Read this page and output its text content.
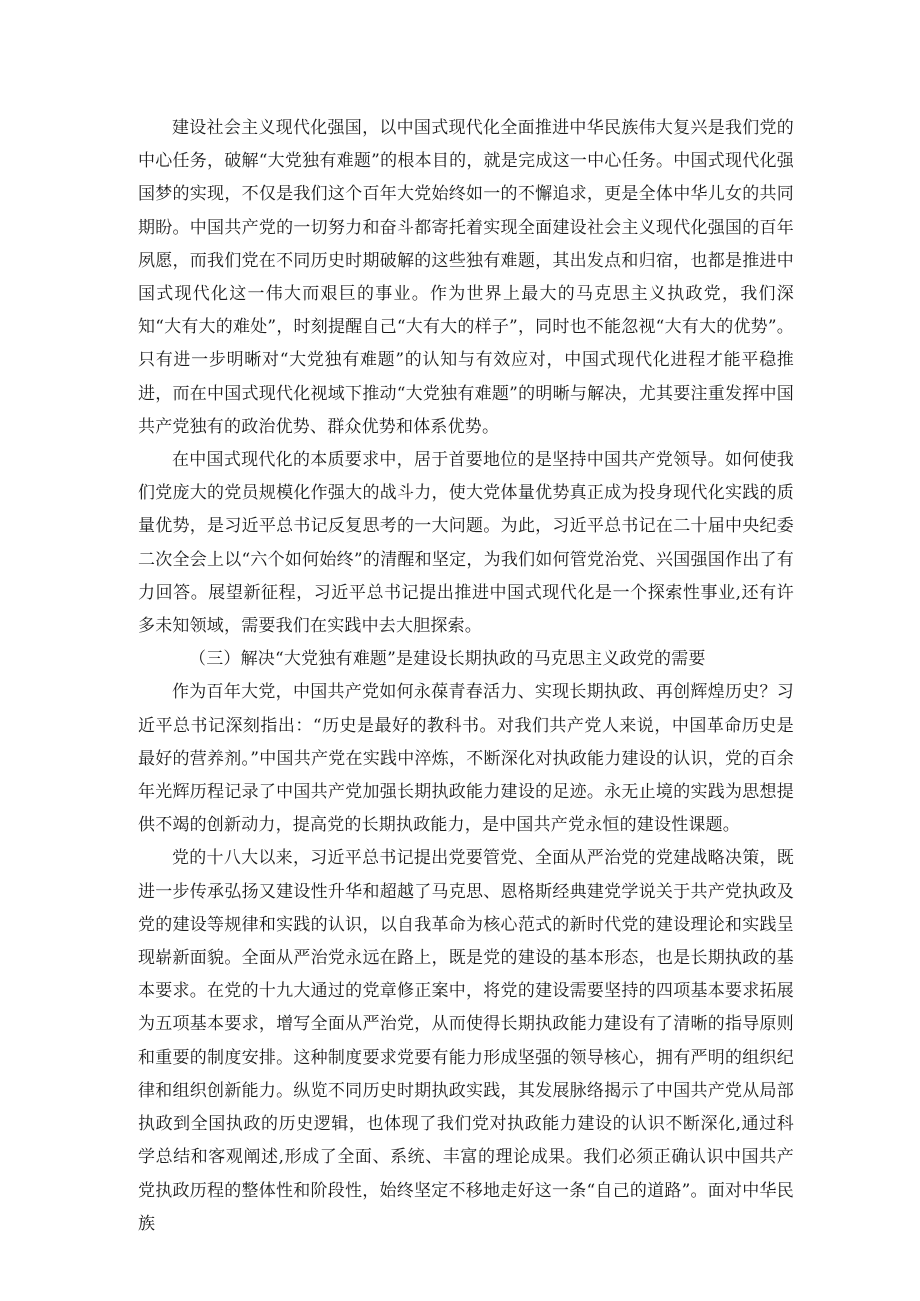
建设社会主义现代化强国，以中国式现代化全面推进中华民族伟大复兴是我们党的中心任务，破解“大党独有难题”的根本目的，就是完成这一中心任务。中国式现代化强国梦的实现，不仅是我们这个百年大党始终如一的不懈追求，更是全体中华儿女的共同期盼。中国共产党的一切努力和奋斗都寄托着实现全面建设社会主义现代化强国的百年夙愿，而我们党在不同历史时期破解的这些独有难题，其出发点和归宿，也都是推进中国式现代化这一伟大而艰巨的事业。作为世界上最大的马克思主义执政党，我们深知“大有大的难处”，时刻提醒自己“大有大的样子”，同时也不能忽视“大有大的优势”。只有进一步明晰对“大党独有难题”的认知与有效应对，中国式现代化进程才能平稳推进，而在中国式现代化视域下推动“大党独有难题”的明晰与解决，尤其要注重发挥中国共产党独有的政治优势、群众优势和体系优势。

在中国式现代化的本质要求中，居于首要地位的是坚持中国共产党领导。如何使我们党庞大的党员规模化作强大的战斗力，使大党体量优势真正成为投身现代化实践的质量优势，是习近平总书记反复思考的一大问题。为此，习近平总书记在二十届中央纪委二次全会上以“六个如何始终”的清醒和坚定，为我们如何管党治党、兴国强国作出了有力回答。展望新征程，习近平总书记提出推进中国式现代化是一个探索性事业,还有许多未知领域，需要我们在实践中去大胆探索。

（三）解决“大党独有难题”是建设长期执政的马克思主义政党的需要

作为百年大党，中国共产党如何永葆青春活力、实现长期执政、再创辉煌历史？习近平总书记深刻指出：“历史是最好的教科书。对我们共产党人来说，中国革命历史是最好的营养剂。”中国共产党在实践中淬炼，不断深化对执政能力建设的认识，党的百余年光辉历程记录了中国共产党加强长期执政能力建设的足迹。永无止境的实践为思想提供不竭的创新动力，提高党的长期执政能力，是中国共产党永恒的建设性课题。

党的十八大以来，习近平总书记提出党要管党、全面从严治党的党建战略决策，既进一步传承弘扬又建设性升华和超越了马克思、恩格斯经典建党学说关于共产党执政及党的建设等规律和实践的认识，以自我革命为核心范式的新时代党的建设理论和实践呈现崭新面貌。全面从严治党永远在路上，既是党的建设的基本形态，也是长期执政的基本要求。在党的十九大通过的党章修正案中，将党的建设需要坚持的四项基本要求拓展为五项基本要求，增写全面从严治党，从而使得长期执政能力建设有了清晰的指导原则和重要的制度安排。这种制度要求党要有能力形成坚强的领导核心，拥有严明的组织纪律和组织创新能力。纵览不同历史时期执政实践，其发展脉络揭示了中国共产党从局部执政到全国执政的历史逻辑，也体现了我们党对执政能力建设的认识不断深化,通过科学总结和客观阐述,形成了全面、系统、丰富的理论成果。我们必须正确认识中国共产党执政历程的整体性和阶段性，始终坚定不移地走好这一条“自己的道路”。面对中华民族
